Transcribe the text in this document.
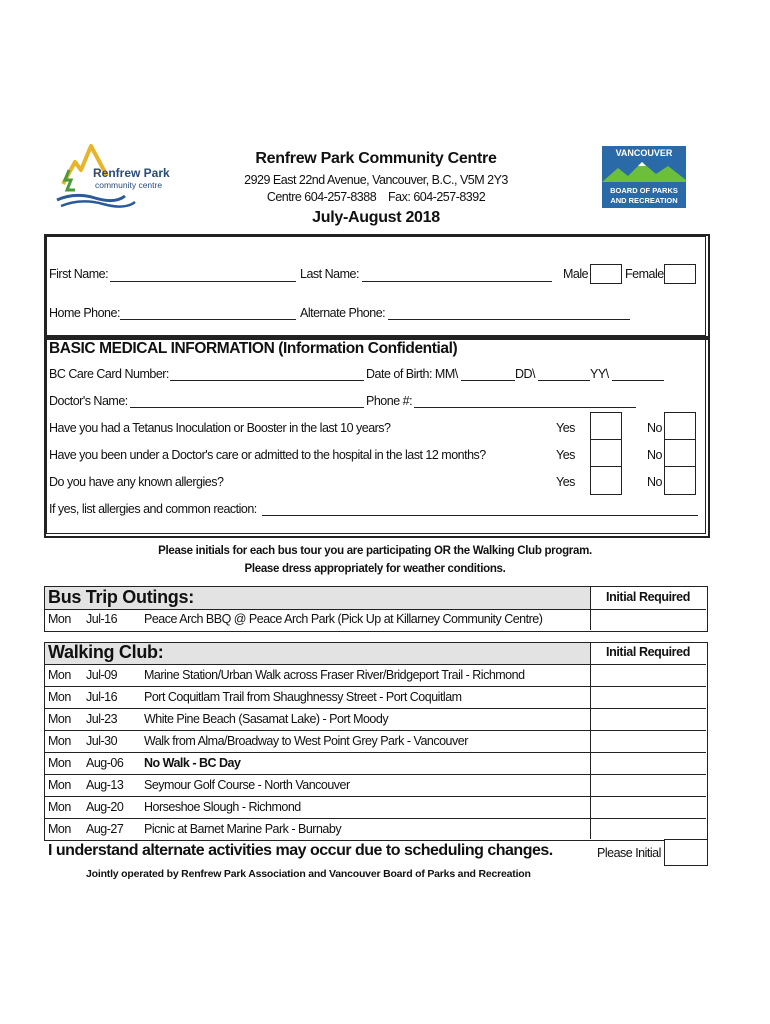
Renfrew Park
community centre
VANCOUVER
BOARD OF PARKS
AND RECREATION
Renfrew Park Community Centre
2929 East 22nd Avenue, Vancouver, B.C., V5M 2Y3
Centre 604-257-8388    Fax: 604-257-8392
July-August 2018
First Name:	Last Name:	Male	Female
Home Phone:	Alternate Phone:
BASIC MEDICAL INFORMATION (Information Confidential)
BC Care Card Number:	Date of Birth: MM\	DD\	YY\
Doctor's Name:	Phone #:
Have you had a Tetanus Inoculation or Booster in the last 10 years?	Yes	No
Have you been under a Doctor's care or admitted to the hospital in the last 12 months?	Yes	No
Do you have any known allergies?	Yes	No
If yes, list allergies and common reaction:
Please initials for each bus tour you are participating OR the Walking Club program.
Please dress appropriately for weather conditions.
Bus Trip Outings:	Initial Required
Mon Jul-16 Peace Arch BBQ @ Peace Arch Park (Pick Up at Killarney Community Centre)
Walking Club:	Initial Required
Mon Jul-09 Marine Station/Urban Walk across Fraser River/Bridgeport Trail - Richmond
Mon Jul-16 Port Coquitlam Trail from Shaughnessy Street - Port Coquitlam
Mon Jul-23 White Pine Beach (Sasamat Lake) - Port Moody
Mon Jul-30 Walk from Alma/Broadway to West Point Grey Park - Vancouver
Mon Aug-06 No Walk - BC Day
Mon Aug-13 Seymour Golf Course - North Vancouver
Mon Aug-20 Horseshoe Slough - Richmond
Mon Aug-27 Picnic at Barnet Marine Park - Burnaby
I understand alternate activities may occur due to scheduling changes.	Please Initial
Jointly operated by Renfrew Park Association and Vancouver Board of Parks and Recreation
